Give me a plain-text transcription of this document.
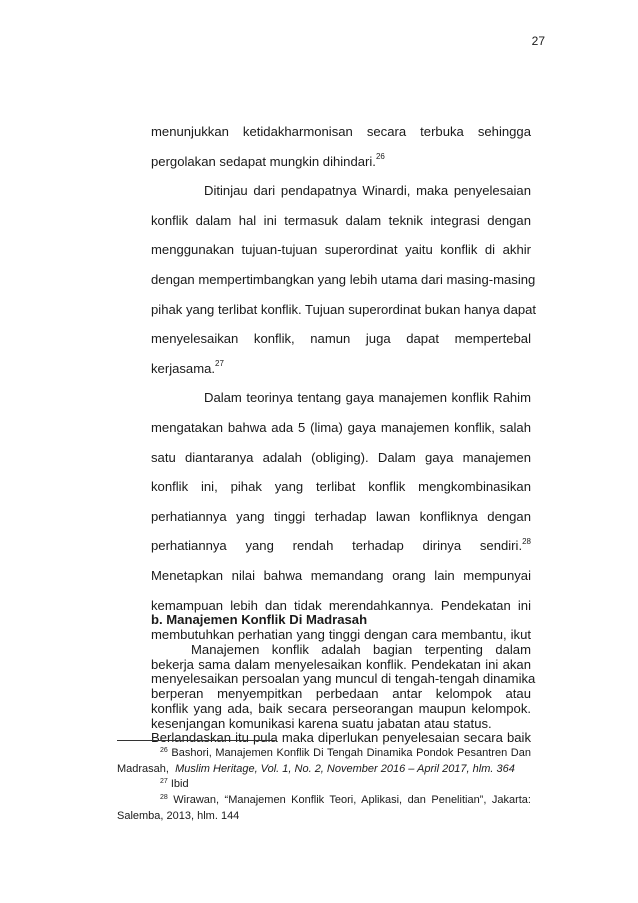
27
menunjukkan ketidakharmonisan secara terbuka sehingga
pergolakan sedapat mungkin dihindari.$^{26}$
Ditinjau dari pendapatnya Winardi, maka penyelesaian
konflik dalam hal ini termasuk dalam teknik integrasi dengan
menggunakan tujuan-tujuan superordinat yaitu konflik di akhir
dengan mempertimbangkan yang lebih utama dari masing-masing
pihak yang terlibat konflik. Tujuan superordinat bukan hanya dapat
menyelesaikan konflik, namun juga dapat mempertebal
kerjasama.$^{27}$
Dalam teorinya tentang gaya manajemen konflik Rahim
mengatakan bahwa ada 5 (lima) gaya manajemen konflik, salah
satu diantaranya adalah (obliging). Dalam gaya manajemen
konflik ini, pihak yang terlibat konflik mengkombinasikan
perhatiannya yang tinggi terhadap lawan konfliknya dengan
perhatiannya yang rendah terhadap dirinya sendiri.$^{28}$
Menetapkan nilai bahwa memandang orang lain mempunyai
kemampuan lebih dan tidak merendahkannya. Pendekatan ini
membutuhkan perhatian yang tinggi dengan cara membantu, ikut
bekerja sama dalam menyelesaikan konflik. Pendekatan ini akan
berperan menyempitkan perbedaan antar kelompok atau
kesenjangan komunikasi karena suatu jabatan atau status.
b. Manajemen Konflik Di Madrasah
Manajemen konflik adalah bagian terpenting dalam
menyelesaikan persoalan yang muncul di tengah-tengah dinamika
konflik yang ada, baik secara perseorangan maupun kelompok.
Berlandaskan itu pula maka diperlukan penyelesaian secara baik
$^{26}$ Bashori, Manajemen Konflik Di Tengah Dinamika Pondok Pesantren Dan
Madrasah, Muslim Heritage, Vol. 1, No. 2, November 2016 – April 2017, hlm. 364
$^{27}$ Ibid
$^{28}$ Wirawan, “Manajemen Konflik Teori, Aplikasi, dan Penelitian”, Jakarta:
Salemba, 2013, hlm. 144
